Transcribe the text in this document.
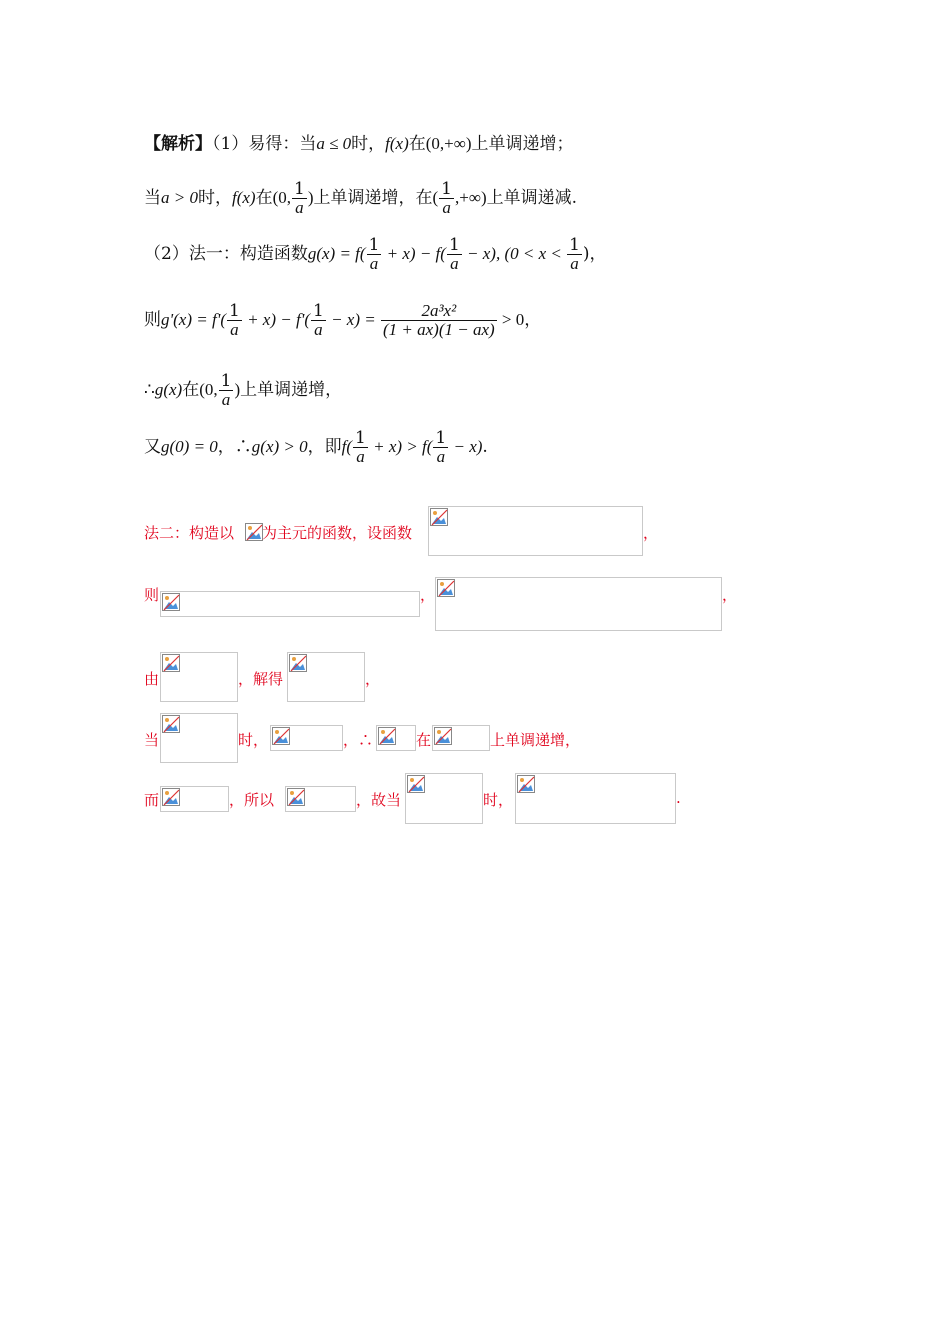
【解析】（1）易得：当a ≤ 0时，f(x)在(0,+∞)上单调递增；
当a > 0时，f(x)在(0, $\frac{1}{a}$ )上单调递增，在( $\frac{1}{a}$ ,+∞)上单调递减.
（2）法一：构造函数$g(x) = f( \frac{1}{a} + x) - f( \frac{1}{a} - x)$, ($0 < x < \frac{1}{a}$ )，
则$g'(x) = f'( \frac{1}{a} + x) - f'( \frac{1}{a} - x) = \frac{\text{2a³x²}}{(1 + ax)(1 - ax)} > 0$，
∴g(x)在(0, $\frac{1}{a}$ )上单调递增，
又g(0) = 0，∴g(x) > 0，即$f( \frac{1}{a} + x) > f( \frac{1}{a} - x)$.
法二：构造以 为主元的函数，设函数	，
则	，	，
由	，解得	，
当	时，	，∴	在	上单调递增，
而	，所以	，故当	时，	.
